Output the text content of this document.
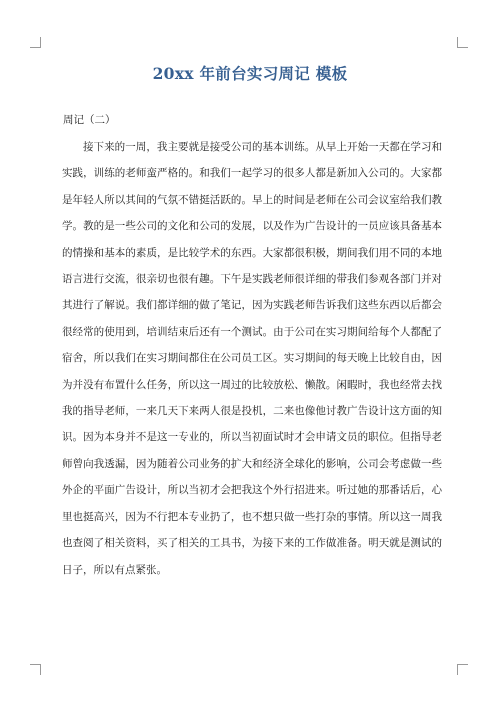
20xx 年前台实习周记 模板
周记（二）

接下来的一周，我主要就是接受公司的基本训练。从早上开始一天都在学习和实践，训练的老师蛮严格的。和我们一起学习的很多人都是新加入公司的。大家都是年轻人所以其间的气氛不错挺活跃的。早上的时间是老师在公司会议室给我们教学。教的是一些公司的文化和公司的发展，以及作为广告设计的一员应该具备基本的情操和基本的素质，是比较学术的东西。大家都很积极，期间我们用不同的本地语言进行交流，很亲切也很有趣。下午是实践老师很详细的带我们参观各部门并对其进行了解说。我们都详细的做了笔记，因为实践老师告诉我们这些东西以后都会很经常的使用到，培训结束后还有一个测试。由于公司在实习期间给每个人都配了宿舍，所以我们在实习期间都住在公司员工区。实习期间的每天晚上比较自由，因为并没有布置什么任务，所以这一周过的比较放松、懒散。闲暇时，我也经常去找我的指导老师，一来几天下来两人很是投机，二来也像他讨教广告设计这方面的知识。因为本身并不是这一专业的，所以当初面试时才会申请文员的职位。但指导老师曾向我透漏，因为随着公司业务的扩大和经济全球化的影响，公司会考虑做一些外企的平面广告设计，所以当初才会把我这个外行招进来。听过她的那番话后，心里也挺高兴，因为不行把本专业扔了，也不想只做一些打杂的事情。所以这一周我也查阅了相关资料，买了相关的工具书，为接下来的工作做准备。明天就是测试的日子，所以有点紧张。
